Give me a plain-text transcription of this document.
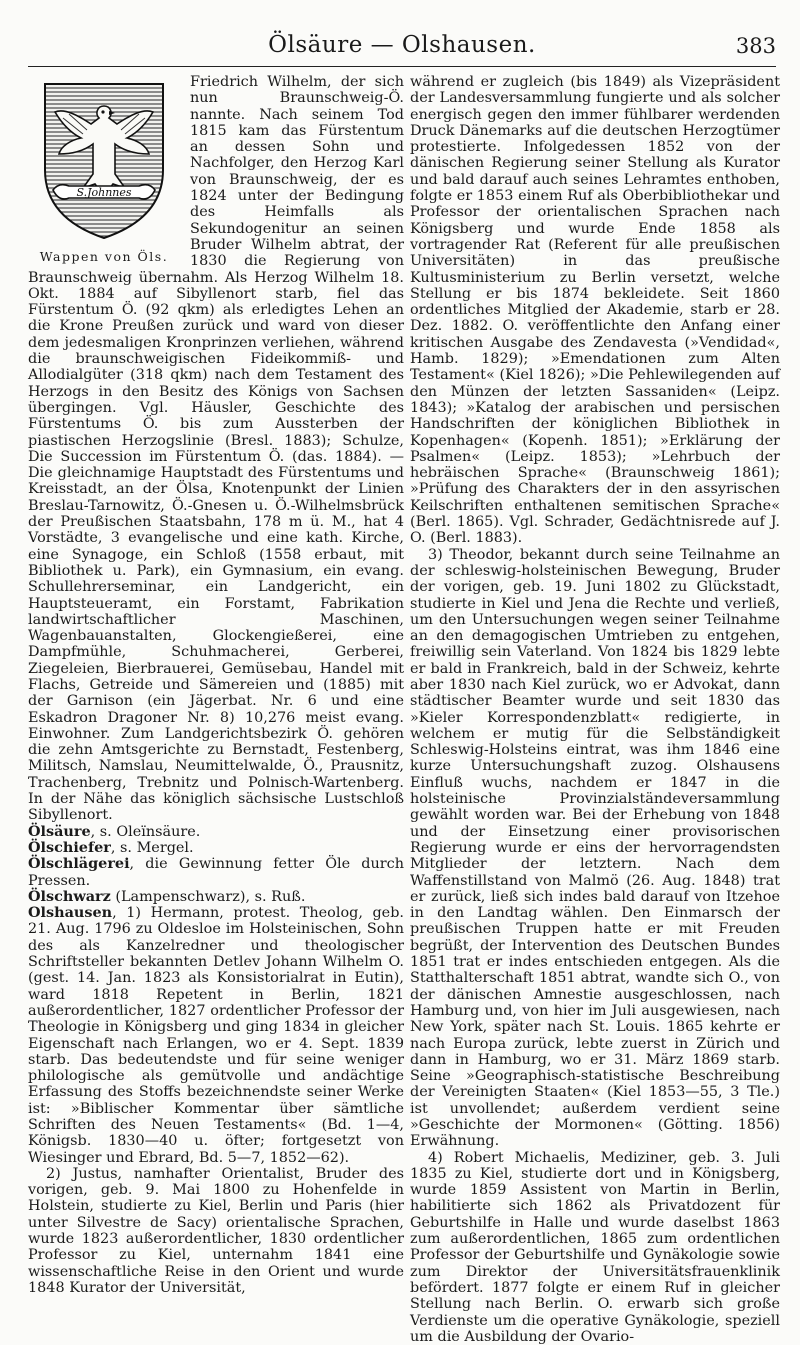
Ölsäure — Olshausen.	383
S.Johnnes
Wappen von Öls.

Friedrich Wilhelm, der sich nun Braunschweig-Ö. nannte. Nach seinem Tod 1815 kam das Fürstentum an dessen Sohn und Nachfolger, den Herzog Karl von Braunschweig, der es 1824 unter der Bedingung des Heimfalls als Sekundogenitur an seinen Bruder Wilhelm abtrat, der 1830 die Regierung von Braunschweig übernahm. Als Herzog Wilhelm 18. Okt. 1884 auf Sibyllenort starb, fiel das Fürstentum Ö. (92 qkm) als erledigtes Lehen an die Krone Preußen zurück und ward von dieser dem jedesmaligen Kronprinzen verliehen, während die braunschweigischen Fideikommiß- und Allodialgüter (318 qkm) nach dem Testament des Herzogs in den Besitz des Königs von Sachsen übergingen. Vgl. Häusler, Geschichte des Fürstentums Ö. bis zum Aussterben der piastischen Herzogslinie (Bresl. 1883); Schulze, Die Succession im Fürstentum Ö. (das. 1884). — Die gleichnamige Hauptstadt des Fürstentums und Kreisstadt, an der Ölsa, Knotenpunkt der Linien Breslau-Tarnowitz, Ö.-Gnesen u. Ö.-Wilhelmsbrück der Preußischen Staatsbahn, 178 m ü. M., hat 4 Vorstädte, 3 evangelische und eine kath. Kirche, eine Synagoge, ein Schloß (1558 erbaut, mit Bibliothek u. Park), ein Gymnasium, ein evang. Schullehrerseminar, ein Landgericht, ein Hauptsteueramt, ein Forstamt, Fabrikation landwirtschaftlicher Maschinen, Wagenbauanstalten, Glockengießerei, eine Dampfmühle, Schuhmacherei, Gerberei, Ziegeleien, Bierbrauerei, Gemüsebau, Handel mit Flachs, Getreide und Sämereien und (1885) mit der Garnison (ein Jägerbat. Nr. 6 und eine Eskadron Dragoner Nr. 8) 10,276 meist evang. Einwohner. Zum Landgerichtsbezirk Ö. gehören die zehn Amtsgerichte zu Bernstadt, Festenberg, Militsch, Namslau, Neumittelwalde, Ö., Prausnitz, Trachenberg, Trebnitz und Polnisch-Wartenberg. In der Nähe das königlich sächsische Lustschloß Sibyllenort.

Ölsäure, s. Oleïnsäure.

Ölschiefer, s. Mergel.

Ölschlägerei, die Gewinnung fetter Öle durch Pressen.

Ölschwarz (Lampenschwarz), s. Ruß.

Olshausen, 1) Hermann, protest. Theolog, geb. 21. Aug. 1796 zu Oldesloe im Holsteinischen, Sohn des als Kanzelredner und theologischer Schriftsteller bekannten Detlev Johann Wilhelm O. (gest. 14. Jan. 1823 als Konsistorialrat in Eutin), ward 1818 Repetent in Berlin, 1821 außerordentlicher, 1827 ordentlicher Professor der Theologie in Königsberg und ging 1834 in gleicher Eigenschaft nach Erlangen, wo er 4. Sept. 1839 starb. Das bedeutendste und für seine weniger philologische als gemütvolle und andächtige Erfassung des Stoffs bezeichnendste seiner Werke ist: »Biblischer Kommentar über sämtliche Schriften des Neuen Testaments« (Bd. 1—4, Königsb. 1830—40 u. öfter; fortgesetzt von Wiesinger und Ebrard, Bd. 5—7, 1852—62).

2) Justus, namhafter Orientalist, Bruder des vorigen, geb. 9. Mai 1800 zu Hohenfelde in Holstein, studierte zu Kiel, Berlin und Paris (hier unter Silvestre de Sacy) orientalische Sprachen, wurde 1823 außerordentlicher, 1830 ordentlicher Professor zu Kiel, unternahm 1841 eine wissenschaftliche Reise in den Orient und wurde 1848 Kurator der Universität,

während er zugleich (bis 1849) als Vizepräsident der Landesversammlung fungierte und als solcher energisch gegen den immer fühlbarer werdenden Druck Dänemarks auf die deutschen Herzogtümer protestierte. Infolgedessen 1852 von der dänischen Regierung seiner Stellung als Kurator und bald darauf auch seines Lehramtes enthoben, folgte er 1853 einem Ruf als Oberbibliothekar und Professor der orientalischen Sprachen nach Königsberg und wurde Ende 1858 als vortragender Rat (Referent für alle preußischen Universitäten) in das preußische Kultusministerium zu Berlin versetzt, welche Stellung er bis 1874 bekleidete. Seit 1860 ordentliches Mitglied der Akademie, starb er 28. Dez. 1882. O. veröffentlichte den Anfang einer kritischen Ausgabe des Zendavesta (»Vendidad«, Hamb. 1829); »Emendationen zum Alten Testament« (Kiel 1826); »Die Pehlewilegenden auf den Münzen der letzten Sassaniden« (Leipz. 1843); »Katalog der arabischen und persischen Handschriften der königlichen Bibliothek in Kopenhagen« (Kopenh. 1851); »Erklärung der Psalmen« (Leipz. 1853); »Lehrbuch der hebräischen Sprache« (Braunschweig 1861); »Prüfung des Charakters der in den assyrischen Keilschriften enthaltenen semitischen Sprache« (Berl. 1865). Vgl. Schrader, Gedächtnisrede auf J. O. (Berl. 1883).

3) Theodor, bekannt durch seine Teilnahme an der schleswig-holsteinischen Bewegung, Bruder der vorigen, geb. 19. Juni 1802 zu Glückstadt, studierte in Kiel und Jena die Rechte und verließ, um den Untersuchungen wegen seiner Teilnahme an den demagogischen Umtrieben zu entgehen, freiwillig sein Vaterland. Von 1824 bis 1829 lebte er bald in Frankreich, bald in der Schweiz, kehrte aber 1830 nach Kiel zurück, wo er Advokat, dann städtischer Beamter wurde und seit 1830 das »Kieler Korrespondenzblatt« redigierte, in welchem er mutig für die Selbständigkeit Schleswig-Holsteins eintrat, was ihm 1846 eine kurze Untersuchungshaft zuzog. Olshausens Einfluß wuchs, nachdem er 1847 in die holsteinische Provinzialständeversammlung gewählt worden war. Bei der Erhebung von 1848 und der Einsetzung einer provisorischen Regierung wurde er eins der hervorragendsten Mitglieder der letztern. Nach dem Waffenstillstand von Malmö (26. Aug. 1848) trat er zurück, ließ sich indes bald darauf von Itzehoe in den Landtag wählen. Den Einmarsch der preußischen Truppen hatte er mit Freuden begrüßt, der Intervention des Deutschen Bundes 1851 trat er indes entschieden entgegen. Als die Statthalterschaft 1851 abtrat, wandte sich O., von der dänischen Amnestie ausgeschlossen, nach Hamburg und, von hier im Juli ausgewiesen, nach New York, später nach St. Louis. 1865 kehrte er nach Europa zurück, lebte zuerst in Zürich und dann in Hamburg, wo er 31. März 1869 starb. Seine »Geographisch-statistische Beschreibung der Vereinigten Staaten« (Kiel 1853—55, 3 Tle.) ist unvollendet; außerdem verdient seine »Geschichte der Mormonen« (Götting. 1856) Erwähnung.

4) Robert Michaelis, Mediziner, geb. 3. Juli 1835 zu Kiel, studierte dort und in Königsberg, wurde 1859 Assistent von Martin in Berlin, habilitierte sich 1862 als Privatdozent für Geburtshilfe in Halle und wurde daselbst 1863 zum außerordentlichen, 1865 zum ordentlichen Professor der Geburtshilfe und Gynäkologie sowie zum Direktor der Universitätsfrauenklinik befördert. 1877 folgte er einem Ruf in gleicher Stellung nach Berlin. O. erwarb sich große Verdienste um die operative Gynäkologie, speziell um die Ausbildung der Ovario-
